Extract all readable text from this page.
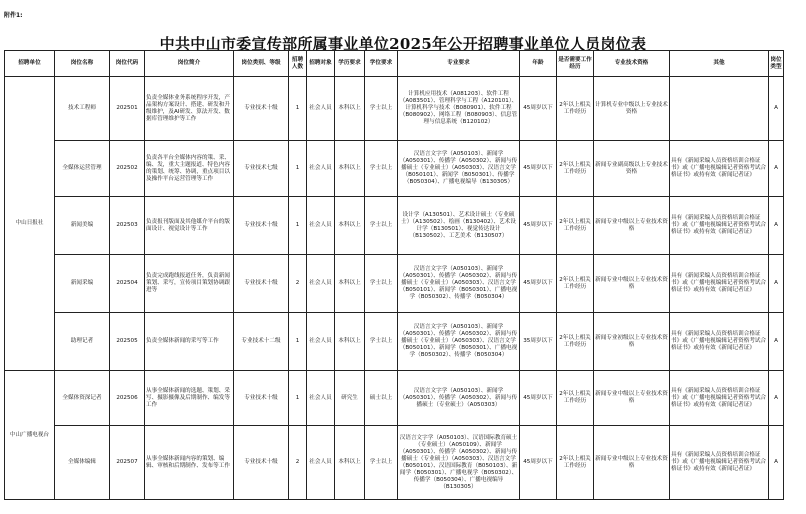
附件1:
中共中山市委宣传部所属事业单位2025年公开招聘事业单位人员岗位表
招聘单位	岗位名称	岗位代码	岗位简介	岗位类别、等级	招聘人数	招聘对象	学历要求	学位要求	专业要求	年龄	是否需要工作经历	专业技术资格	其他	岗位类型
中山日报社	技术工程师	202501	负责全媒体业务系统程序开发，产品架构方案设计、搭建、研发和升级维护，及AI研发、算法开发、数据库管理维护等工作	专业技术十级	1	社会人员	本科以上	学士以上	计算机应用技术（A081203）、软件工程（A083501）、管理科学与工程（A120101）、计算机科学与技术（B080901）、软件工程（B080902）、网络工程（B080903）、信息管理与信息系统（B120102）	45周岁以下	2年以上相关工作经历	计算机专业中级以上专业技术资格		A
	全媒体运营管理	202502	负责各平台全媒体内容的策、采、编、发，重大主题报道、特色内容的策划、统筹、协调，重点项目以及操作平台运营管理等工作	专业技术七级	1	社会人员	本科以上	学士以上	汉语言文字学（A050103）、新闻学（A050301）、传播学（A050302）、新闻与传播硕士（专业硕士）（A050303）、汉语言文学（B050101）、新闻学（B050301）、传播学（B050304）、广播电视编导（B130305）	45周岁以下	2年以上相关工作经历	新闻专业副高级以上专业技术资格	具有《新闻采编人员资格培训合格证书》或《广播电视编辑记者资格考试合格证书》或持有效《新闻记者证》	A
	新闻美编	202503	负责报刊版面及其他媒介平台的版面设计、视觉设计等工作	专业技术十级	1	社会人员	本科以上	学士以上	设计学（A130501）、艺术设计硕士（专业硕士）（A130502）、绘画（B130402）、艺术设计学（B130501）、视觉传达设计（B130502）、工艺美术（B130507）	45周岁以下	2年以上相关工作经历	新闻专业中级以上专业技术资格	具有《新闻采编人员资格培训合格证书》或《广播电视编辑记者资格考试合格证书》或持有效《新闻记者证》	A
	新闻采编	202504	负责完成跑线报道任务，负责新闻策划、采写，宣传项目策划协调跟进等	专业技术十级	2	社会人员	本科以上	学士以上	汉语言文字学（A050103）、新闻学（A050301）、传播学（A050302）、新闻与传播硕士（专业硕士）（A050303）、汉语言文学（B050101）、新闻学（B050301）、广播电视学（B050302）、传播学（B050304）	45周岁以下	2年以上相关工作经历	新闻专业中级以上专业技术资格	具有《新闻采编人员资格培训合格证书》或《广播电视编辑记者资格考试合格证书》或持有效《新闻记者证》	A
	助理记者	202505	负责全媒体新闻的采写等工作	专业技术十二级	1	社会人员	本科以上	学士以上	汉语言文字学（A050103）、新闻学（A050301）、传播学（A050302）、新闻与传播硕士（专业硕士）（A050303）、汉语言文学（B050101）、新闻学（B050301）、广播电视学（B050302）、传播学（B050304）	35周岁以下	2年以上相关工作经历	新闻专业初级以上专业技术资格	具有《新闻采编人员资格培训合格证书》或《广播电视编辑记者资格考试合格证书》或持有效《新闻记者证》	A
中山广播电视台	全媒体资深记者	202506	从事全媒体新闻的选题、策划、采写、摄影摄像及后期制作、编发等工作	专业技术十级	1	社会人员	研究生	硕士以上	汉语言文字学（A050103）、新闻学（A050301）、传播学（A050302）、新闻与传播硕士（专业硕士）（A050303）	45周岁以下	2年以上相关工作经历	新闻专业中级以上专业技术资格	具有《新闻采编人员资格培训合格证书》或《广播电视编辑记者资格考试合格证书》或持有效《新闻记者证》	A
	全媒体编辑	202507	从事全媒体新闻内容的策划、编辑、审核和后期制作、发布等工作	专业技术十级	2	社会人员	本科以上	学士以上	汉语言文字学（A050103）、汉语国际教育硕士（专业硕士）（A050109）、新闻学（A050301）、传播学（A050302）、新闻与传播硕士（专业硕士）（A050303）、汉语言文学（B050101）、汉语国际教育（B050103）、新闻学（B050301）、广播电视学（B050302）、传播学（B050304）、广播电视编导（B130305）	45周岁以下	2年以上相关工作经历	新闻专业中级以上专业技术资格	具有《新闻采编人员资格培训合格证书》或《广播电视编辑记者资格考试合格证书》或持有效《新闻记者证》	A
